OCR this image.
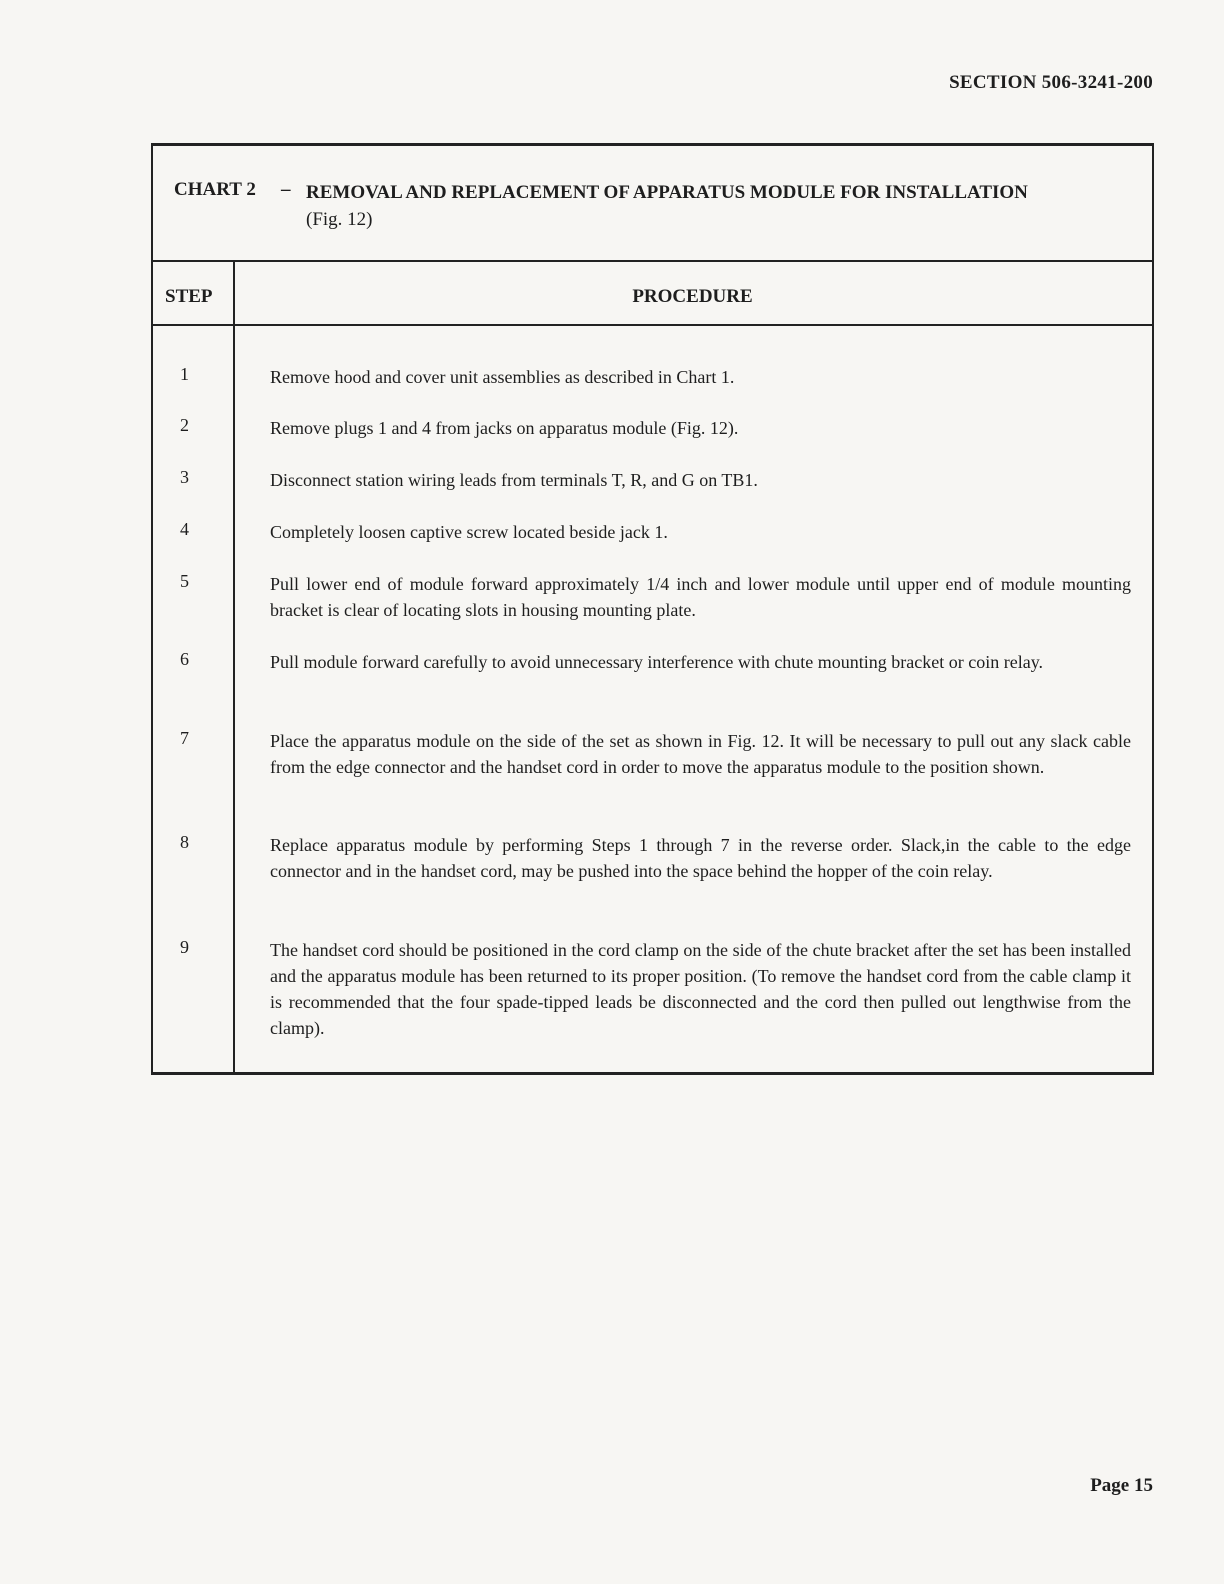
SECTION 506-3241-200
CHART 2 – REMOVAL AND REPLACEMENT OF APPARATUS MODULE FOR INSTALLATION
(Fig. 12)
STEP	PROCEDURE
1	Remove hood and cover unit assemblies as described in Chart 1.
2	Remove plugs 1 and 4 from jacks on apparatus module (Fig. 12).
3	Disconnect station wiring leads from terminals T, R, and G on TB1.
4	Completely loosen captive screw located beside jack 1.
5	Pull lower end of module forward approximately 1/4 inch and lower module until upper end of module mounting bracket is clear of locating slots in housing mounting plate.
6	Pull module forward carefully to avoid unnecessary interference with chute mounting bracket or coin relay.
7	Place the apparatus module on the side of the set as shown in Fig. 12. It will be necessary to pull out any slack cable from the edge connector and the handset cord in order to move the apparatus module to the position shown.
8	Replace apparatus module by performing Steps 1 through 7 in the reverse order. Slack,in the cable to the edge connector and in the handset cord, may be pushed into the space behind the hopper of the coin relay.
9	The handset cord should be positioned in the cord clamp on the side of the chute bracket after the set has been installed and the apparatus module has been returned to its proper position. (To remove the handset cord from the cable clamp it is recommended that the four spade-tipped leads be disconnected and the cord then pulled out lengthwise from the clamp).
Page 15
